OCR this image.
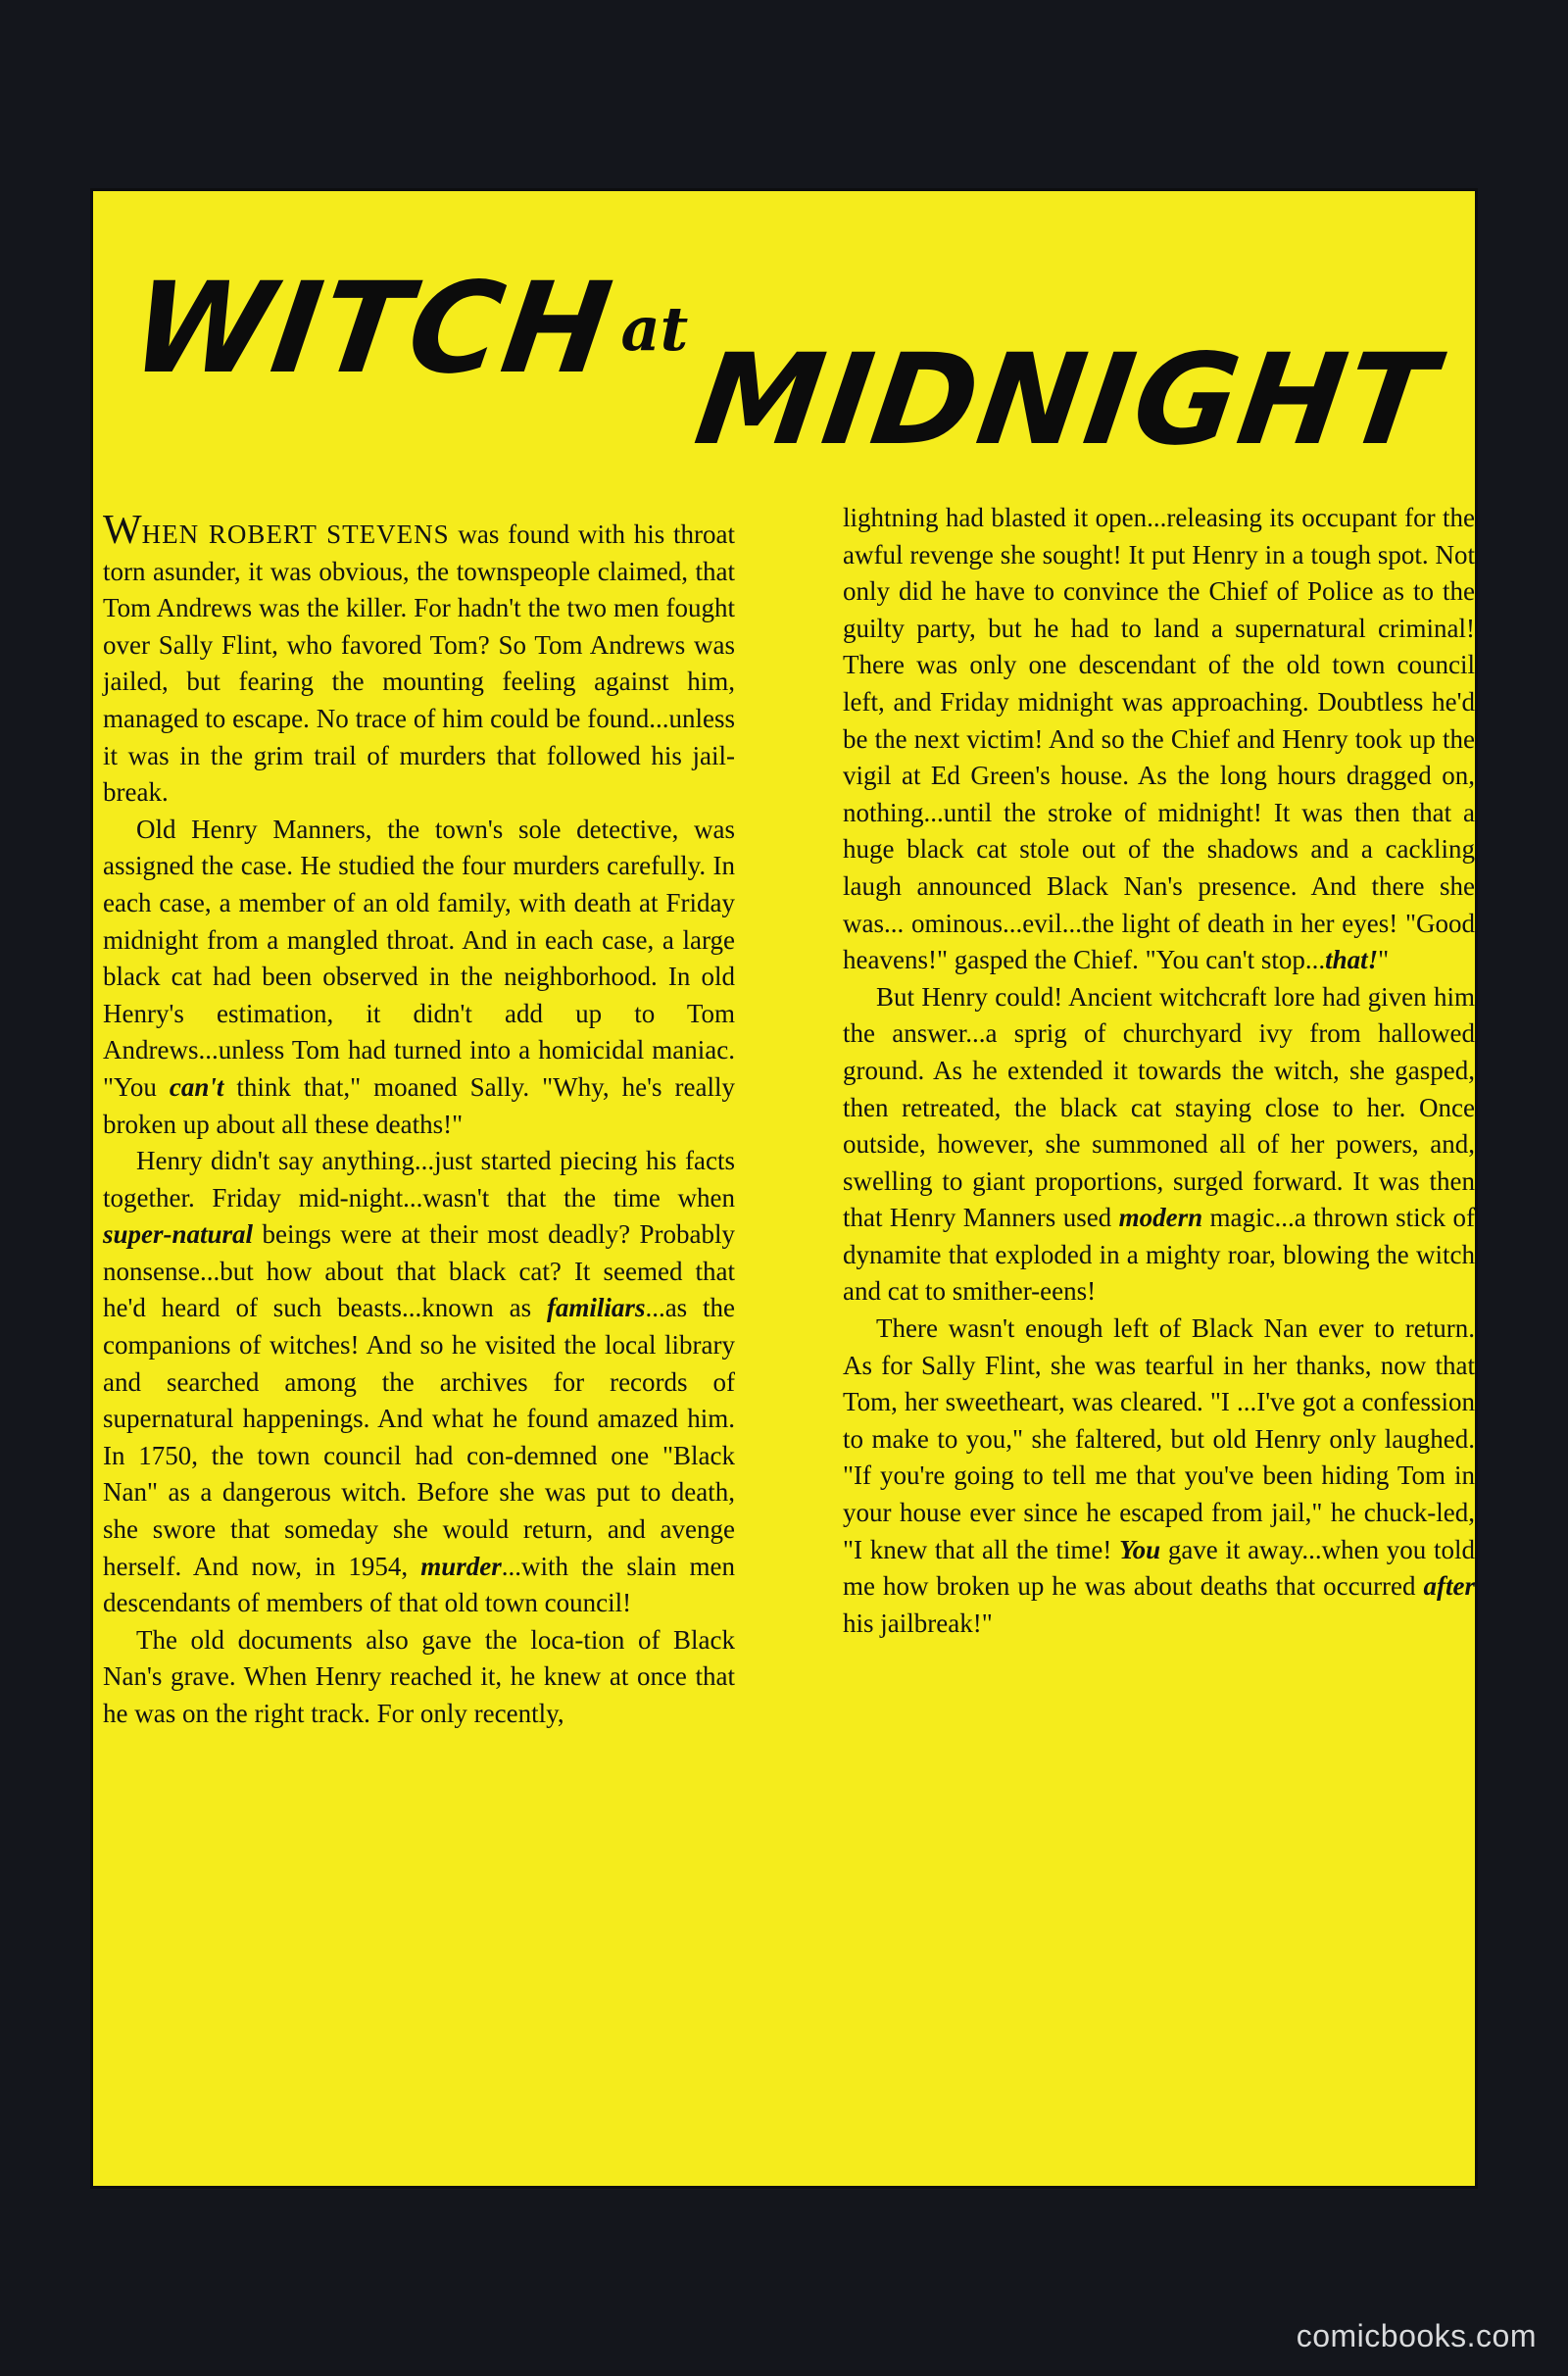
WITCHatMIDNIGHT

WHEN ROBERT STEVENS was found with his throat torn asunder, it was obvious, the townspeople claimed, that Tom Andrews was the killer. For hadn't the two men fought over Sally Flint, who favored Tom? So Tom Andrews was jailed, but fearing the mounting feeling against him, managed to escape. No trace of him could be found...unless it was in the grim trail of murders that followed his jail-break.

Old Henry Manners, the town's sole detective, was assigned the case. He studied the four murders carefully. In each case, a member of an old family, with death at Friday midnight from a mangled throat. And in each case, a large black cat had been observed in the neighborhood. In old Henry's estimation, it didn't add up to Tom Andrews...unless Tom had turned into a homicidal maniac. "You can't think that," moaned Sally. "Why, he's really broken up about all these deaths!"

Henry didn't say anything...just started piecing his facts together. Friday mid-night...wasn't that the time when super-natural beings were at their most deadly? Probably nonsense...but how about that black cat? It seemed that he'd heard of such beasts...known as familiars...as the companions of witches! And so he visited the local library and searched among the archives for records of supernatural happenings. And what he found amazed him. In 1750, the town council had con-demned one "Black Nan" as a dangerous witch. Before she was put to death, she swore that someday she would return, and avenge herself. And now, in 1954, murder...with the slain men descendants of members of that old town council!

The old documents also gave the loca-tion of Black Nan's grave. When Henry reached it, he knew at once that he was on the right track. For only recently,

lightning had blasted it open...releasing its occupant for the awful revenge she sought! It put Henry in a tough spot. Not only did he have to convince the Chief of Police as to the guilty party, but he had to land a supernatural criminal! There was only one descendant of the old town council left, and Friday midnight was approaching. Doubtless he'd be the next victim! And so the Chief and Henry took up the vigil at Ed Green's house. As the long hours dragged on, nothing...until the stroke of midnight! It was then that a huge black cat stole out of the shadows and a cackling laugh announced Black Nan's presence. And there she was... ominous...evil...the light of death in her eyes! "Good heavens!" gasped the Chief. "You can't stop...that!"

But Henry could! Ancient witchcraft lore had given him the answer...a sprig of churchyard ivy from hallowed ground. As he extended it towards the witch, she gasped, then retreated, the black cat staying close to her. Once outside, however, she summoned all of her powers, and, swelling to giant proportions, surged forward. It was then that Henry Manners used modern magic...a thrown stick of dynamite that exploded in a mighty roar, blowing the witch and cat to smither-eens!

There wasn't enough left of Black Nan ever to return. As for Sally Flint, she was tearful in her thanks, now that Tom, her sweetheart, was cleared. "I ...I've got a confession to make to you," she faltered, but old Henry only laughed. "If you're going to tell me that you've been hiding Tom in your house ever since he escaped from jail," he chuck-led, "I knew that all the time! You gave it away...when you told me how broken up he was about deaths that occurred after his jailbreak!"

comicbooks.com
